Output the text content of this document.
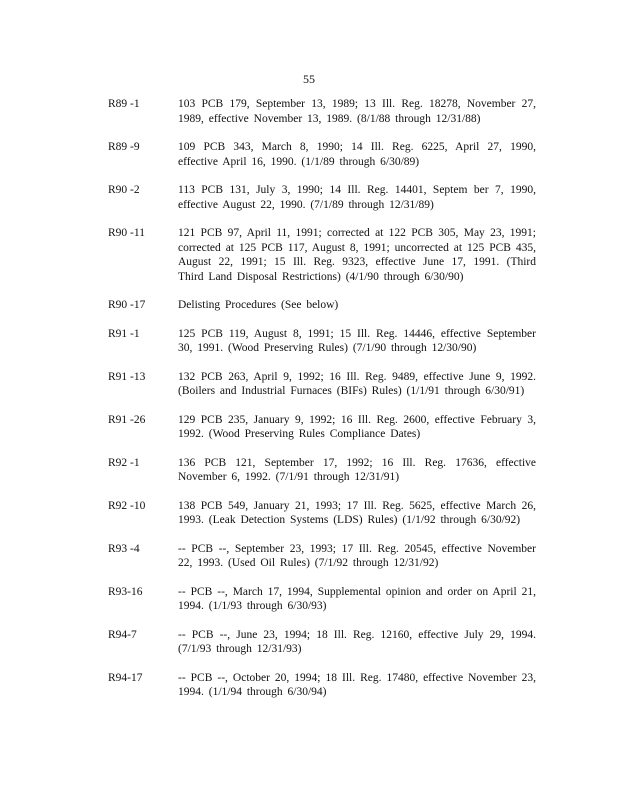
55
R89 -1	103 PCB 179, September 13, 1989; 13 Ill. Reg. 18278, November 27, 1989, effective November 13, 1989. (8/1/88 through 12/31/88)
R89 -9	109 PCB 343, March 8, 1990; 14 Ill. Reg. 6225, April 27, 1990, effective April 16, 1990. (1/1/89 through 6/30/89)
R90 -2	113 PCB 131, July 3, 1990; 14 Ill. Reg. 14401, Septem ber 7, 1990, effective August 22, 1990. (7/1/89 through 12/31/89)
R90 -11	121 PCB 97, April 11, 1991; corrected at 122 PCB 305, May 23, 1991; corrected at 125 PCB 117, August 8, 1991; uncorrected at 125 PCB 435, August 22, 1991; 15 Ill. Reg. 9323, effective June 17, 1991. (Third Third Land Disposal Restrictions) (4/1/90 through 6/30/90)
R90 -17	Delisting Procedures (See below)
R91 -1	125 PCB 119, August 8, 1991; 15 Ill. Reg. 14446, effective September 30, 1991. (Wood Preserving Rules) (7/1/90 through 12/30/90)
R91 -13	132 PCB 263, April 9, 1992; 16 Ill. Reg. 9489, effective June 9, 1992. (Boilers and Industrial Furnaces (BIFs) Rules) (1/1/91 through 6/30/91)
R91 -26	129 PCB 235, January 9, 1992; 16 Ill. Reg. 2600, effective February 3, 1992. (Wood Preserving Rules Compliance Dates)
R92 -1	136 PCB 121, September 17, 1992; 16 Ill. Reg. 17636, effective November 6, 1992. (7/1/91 through 12/31/91)
R92 -10	138 PCB 549, January 21, 1993; 17 Ill. Reg. 5625, effective March 26, 1993. (Leak Detection Systems (LDS) Rules) (1/1/92 through 6/30/92)
R93 -4	-- PCB --, September 23, 1993; 17 Ill. Reg. 20545, effective November 22, 1993. (Used Oil Rules) (7/1/92 through 12/31/92)
R93-16	-- PCB --, March 17, 1994, Supplemental opinion and order on April 21, 1994. (1/1/93 through 6/30/93)
R94-7	-- PCB --, June 23, 1994; 18 Ill. Reg. 12160, effective July 29, 1994. (7/1/93 through 12/31/93)
R94-17	-- PCB --, October 20, 1994; 18 Ill. Reg. 17480, effective November 23, 1994. (1/1/94 through 6/30/94)
